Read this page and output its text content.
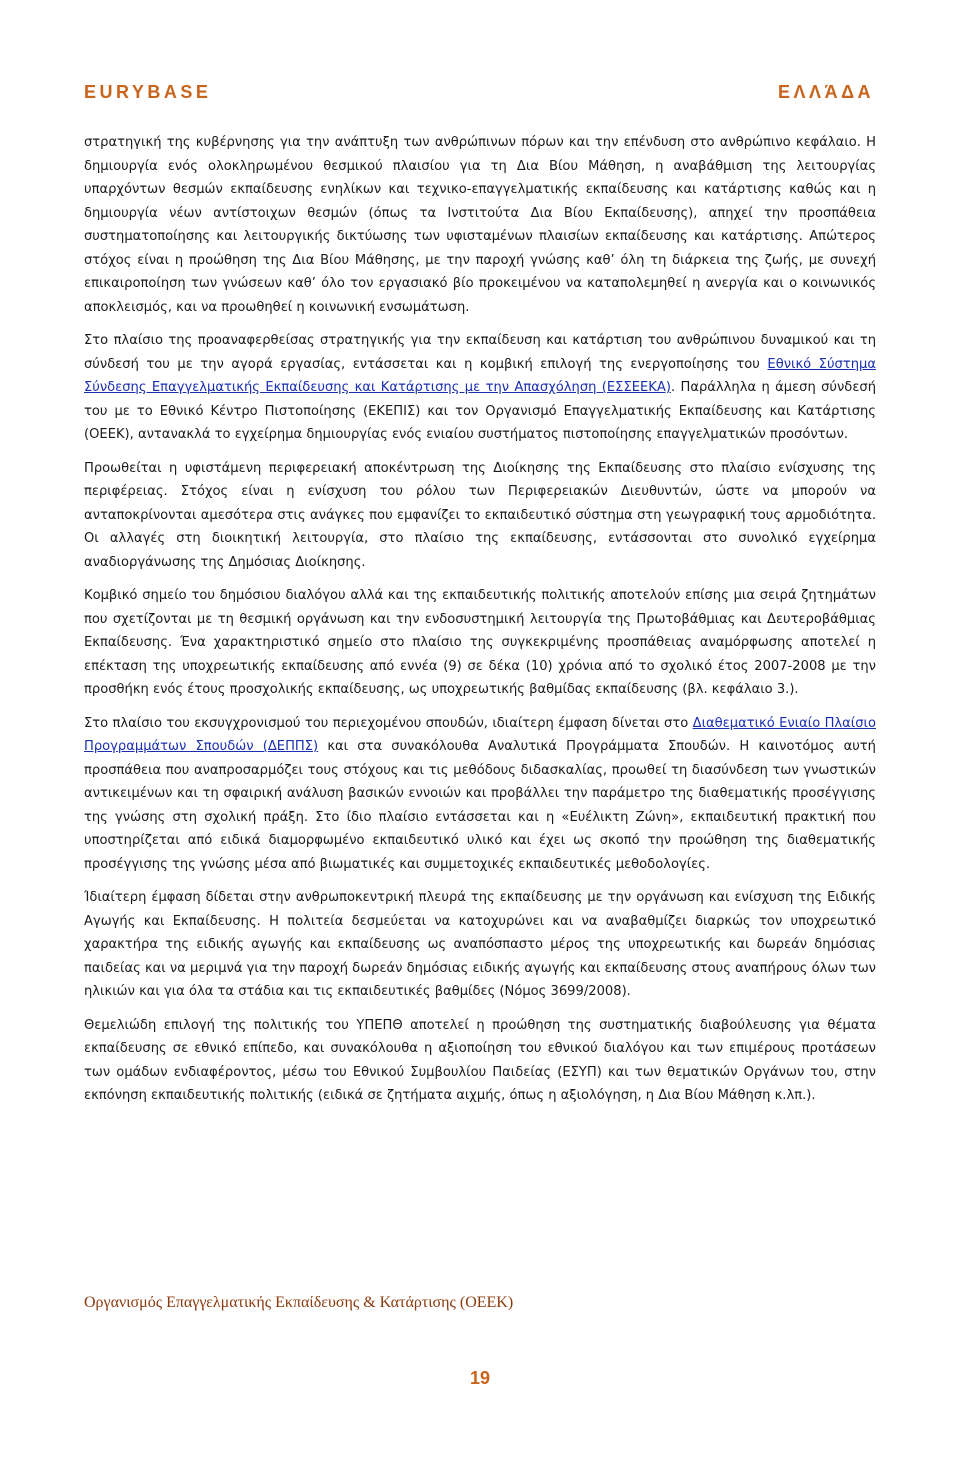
EURYBASE	ΕΛΛΆΔΑ

στρατηγική της κυβέρνησης για την ανάπτυξη των ανθρώπινων πόρων και την επένδυση στο ανθρώπινο κεφάλαιο. Η δημιουργία ενός ολοκληρωμένου θεσμικού πλαισίου για τη Δια Βίου Μάθηση, η αναβάθμιση της λειτουργίας υπαρχόντων θεσμών εκπαίδευσης ενηλίκων και τεχνικο-επαγγελματικής εκπαίδευσης και κατάρτισης καθώς και η δημιουργία νέων αντίστοιχων θεσμών (όπως τα Ινστιτούτα Δια Βίου Εκπαίδευσης), απηχεί την προσπάθεια συστηματοποίησης και λειτουργικής δικτύωσης των υφισταμένων πλαισίων εκπαίδευσης και κατάρτισης. Απώτερος στόχος είναι η προώθηση της Δια Βίου Μάθησης, με την παροχή γνώσης καθ’ όλη τη διάρκεια της ζωής, με συνεχή επικαιροποίηση των γνώσεων καθ’ όλο τον εργασιακό βίο προκειμένου να καταπολεμηθεί η ανεργία και ο κοινωνικός αποκλεισμός, και να προωθηθεί η κοινωνική ενσωμάτωση.

Στο πλαίσιο της προαναφερθείσας στρατηγικής για την εκπαίδευση και κατάρτιση του ανθρώπινου δυναμικού και τη σύνδεσή του με την αγορά εργασίας, εντάσσεται και η κομβική επιλογή της ενεργοποίησης του Εθνικό Σύστημα Σύνδεσης Επαγγελματικής Εκπαίδευσης και Κατάρτισης με την Απασχόληση (ΕΣΣΕΕΚΑ). Παράλληλα η άμεση σύνδεσή του με το Εθνικό Κέντρο Πιστοποίησης (ΕΚΕΠΙΣ) και τον Οργανισμό Επαγγελματικής Εκπαίδευσης και Κατάρτισης (ΟΕΕΚ), αντανακλά το εγχείρημα δημιουργίας ενός ενιαίου συστήματος πιστοποίησης επαγγελματικών προσόντων.

Προωθείται η υφιστάμενη περιφερειακή αποκέντρωση της Διοίκησης της Εκπαίδευσης στο πλαίσιο ενίσχυσης της περιφέρειας. Στόχος είναι η ενίσχυση του ρόλου των Περιφερειακών Διευθυντών, ώστε να μπορούν να ανταποκρίνονται αμεσότερα στις ανάγκες που εμφανίζει το εκπαιδευτικό σύστημα στη γεωγραφική τους αρμοδιότητα. Οι αλλαγές στη διοικητική λειτουργία, στο πλαίσιο της εκπαίδευσης, εντάσσονται στο συνολικό εγχείρημα αναδιοργάνωσης της Δημόσιας Διοίκησης.

Κομβικό σημείο του δημόσιου διαλόγου αλλά και της εκπαιδευτικής πολιτικής αποτελούν επίσης μια σειρά ζητημάτων που σχετίζονται με τη θεσμική οργάνωση και την ενδοσυστημική λειτουργία της Πρωτοβάθμιας και Δευτεροβάθμιας Εκπαίδευσης. Ένα χαρακτηριστικό σημείο στο πλαίσιο της συγκεκριμένης προσπάθειας αναμόρφωσης αποτελεί η επέκταση της υποχρεωτικής εκπαίδευσης από εννέα (9) σε δέκα (10) χρόνια από το σχολικό έτος 2007-2008 με την προσθήκη ενός έτους προσχολικής εκπαίδευσης, ως υποχρεωτικής βαθμίδας εκπαίδευσης (βλ. κεφάλαιο 3.).

Στο πλαίσιο του εκσυγχρονισμού του περιεχομένου σπουδών, ιδιαίτερη έμφαση δίνεται στο Διαθεματικό Ενιαίο Πλαίσιο Προγραμμάτων Σπουδών (ΔΕΠΠΣ) και στα συνακόλουθα Αναλυτικά Προγράμματα Σπουδών. Η καινοτόμος αυτή προσπάθεια που αναπροσαρμόζει τους στόχους και τις μεθόδους διδασκαλίας, προωθεί τη διασύνδεση των γνωστικών αντικειμένων και τη σφαιρική ανάλυση βασικών εννοιών και προβάλλει την παράμετρο της διαθεματικής προσέγγισης της γνώσης στη σχολική πράξη. Στο ίδιο πλαίσιο εντάσσεται και η «Ευέλικτη Ζώνη», εκπαιδευτική πρακτική που υποστηρίζεται από ειδικά διαμορφωμένο εκπαιδευτικό υλικό και έχει ως σκοπό την προώθηση της διαθεματικής προσέγγισης της γνώσης μέσα από βιωματικές και συμμετοχικές εκπαιδευτικές μεθοδολογίες.

Ίδιαίτερη έμφαση δίδεται στην ανθρωποκεντρική πλευρά της εκπαίδευσης με την οργάνωση και ενίσχυση της Ειδικής Αγωγής και Εκπαίδευσης. Η πολιτεία δεσμεύεται να κατοχυρώνει και να αναβαθμίζει διαρκώς τον υποχρεωτικό χαρακτήρα της ειδικής αγωγής και εκπαίδευσης ως αναπόσπαστο μέρος της υποχρεωτικής και δωρεάν δημόσιας παιδείας και να μεριμνά για την παροχή δωρεάν δημόσιας ειδικής αγωγής και εκπαίδευσης στους αναπήρους όλων των ηλικιών και για όλα τα στάδια και τις εκπαιδευτικές βαθμίδες (Νόμος 3699/2008).

Θεμελιώδη επιλογή της πολιτικής του ΥΠΕΠΘ αποτελεί η προώθηση της συστηματικής διαβούλευσης για θέματα εκπαίδευσης σε εθνικό επίπεδο, και συνακόλουθα η αξιοποίηση του εθνικού διαλόγου και των επιμέρους προτάσεων των ομάδων ενδιαφέροντος, μέσω του Εθνικού Συμβουλίου Παιδείας (ΕΣΥΠ) και των θεματικών Οργάνων του, στην εκπόνηση εκπαιδευτικής πολιτικής (ειδικά σε ζητήματα αιχμής, όπως η αξιολόγηση, η Δια Βίου Μάθηση κ.λπ.).

Οργανισμός Επαγγελματικής Εκπαίδευσης & Κατάρτισης (ΟΕΕΚ)
19
